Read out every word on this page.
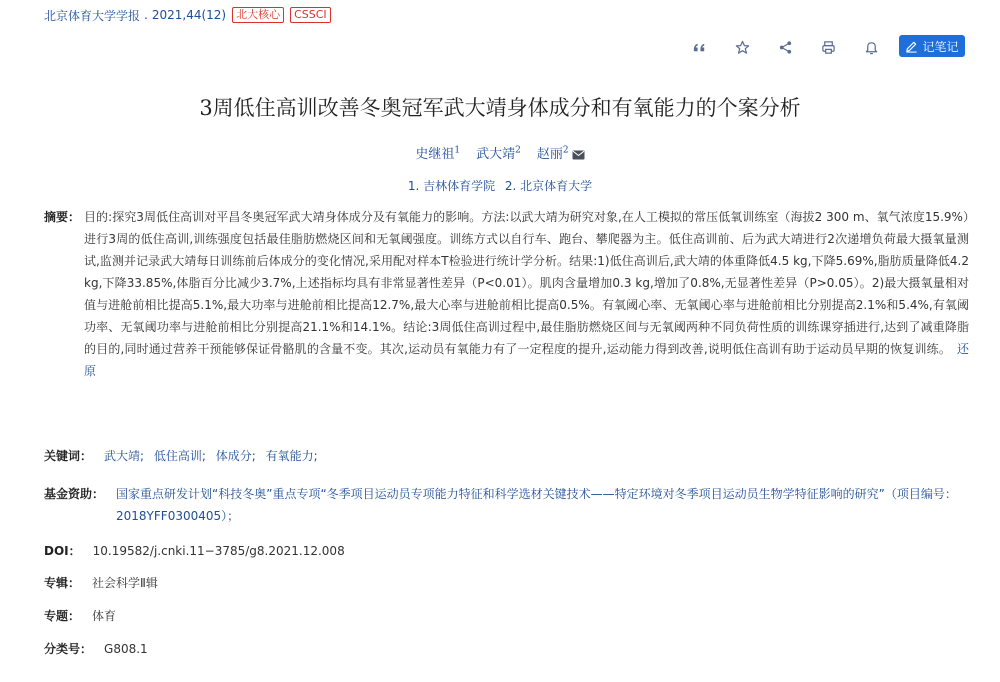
北京体育大学学报 . 2021,44(12) 北大核心	CSSCI
记笔记
3周低住高训改善冬奥冠军武大靖身体成分和有氧能力的个案分析
史继祖$^1$ 武大靖$^2$ 赵丽$^2$
1. 吉林体育学院 2. 北京体育大学
摘要： 目的:探究3周低住高训对平昌冬奥冠军武大靖身体成分及有氧能力的影响。方法:以武大靖为研究对象,在人工模拟的常压低氧训练室（海拔2 300 m、氧气浓度15.9%）进行3周的低住高训,训练强度包括最佳脂肪燃烧区间和无氧阈强度。训练方式以自行车、跑台、攀爬器为主。低住高训前、后为武大靖进行2次递增负荷最大摄氧量测试,监测并记录武大靖每日训练前后体成分的变化情况,采用配对样本T检验进行统计学分析。结果:1)低住高训后,武大靖的体重降低4.5 kg,下降5.69%,脂肪质量降低4.2 kg,下降33.85%,体脂百分比减少3.7%,上述指标均具有非常显著性差异（P<0.01）。肌肉含量增加0.3 kg,增加了0.8%,无显著性差异（P>0.05）。2)最大摄氧量相对值与进舱前相比提高5.1%,最大功率与进舱前相比提高12.7%,最大心率与进舱前相比提高0.5%。有氧阈心率、无氧阈心率与进舱前相比分别提高2.1%和5.4%,有氧阈功率、无氧阈功率与进舱前相比分别提高21.1%和14.1%。结论:3周低住高训过程中,最佳脂肪燃烧区间与无氧阈两种不同负荷性质的训练课穿插进行,达到了减重降脂的目的,同时通过营养干预能够保证骨骼肌的含量不变。其次,运动员有氧能力有了一定程度的提升,运动能力得到改善,说明低住高训有助于运动员早期的恢复训练。 还原
关键词： 武大靖; 低住高训; 体成分; 有氧能力;
基金资助： 国家重点研发计划“科技冬奥”重点专项“冬季项目运动员专项能力特征和科学选材关键技术——特定环境对冬季项目运动员生物学特征影响的研究”（项目编号：2018YFF0300405）；
DOI： 10.19582/j.cnki.11−3785/g8.2021.12.008
专辑： 社会科学Ⅱ辑
专题： 体育
分类号： G808.1
